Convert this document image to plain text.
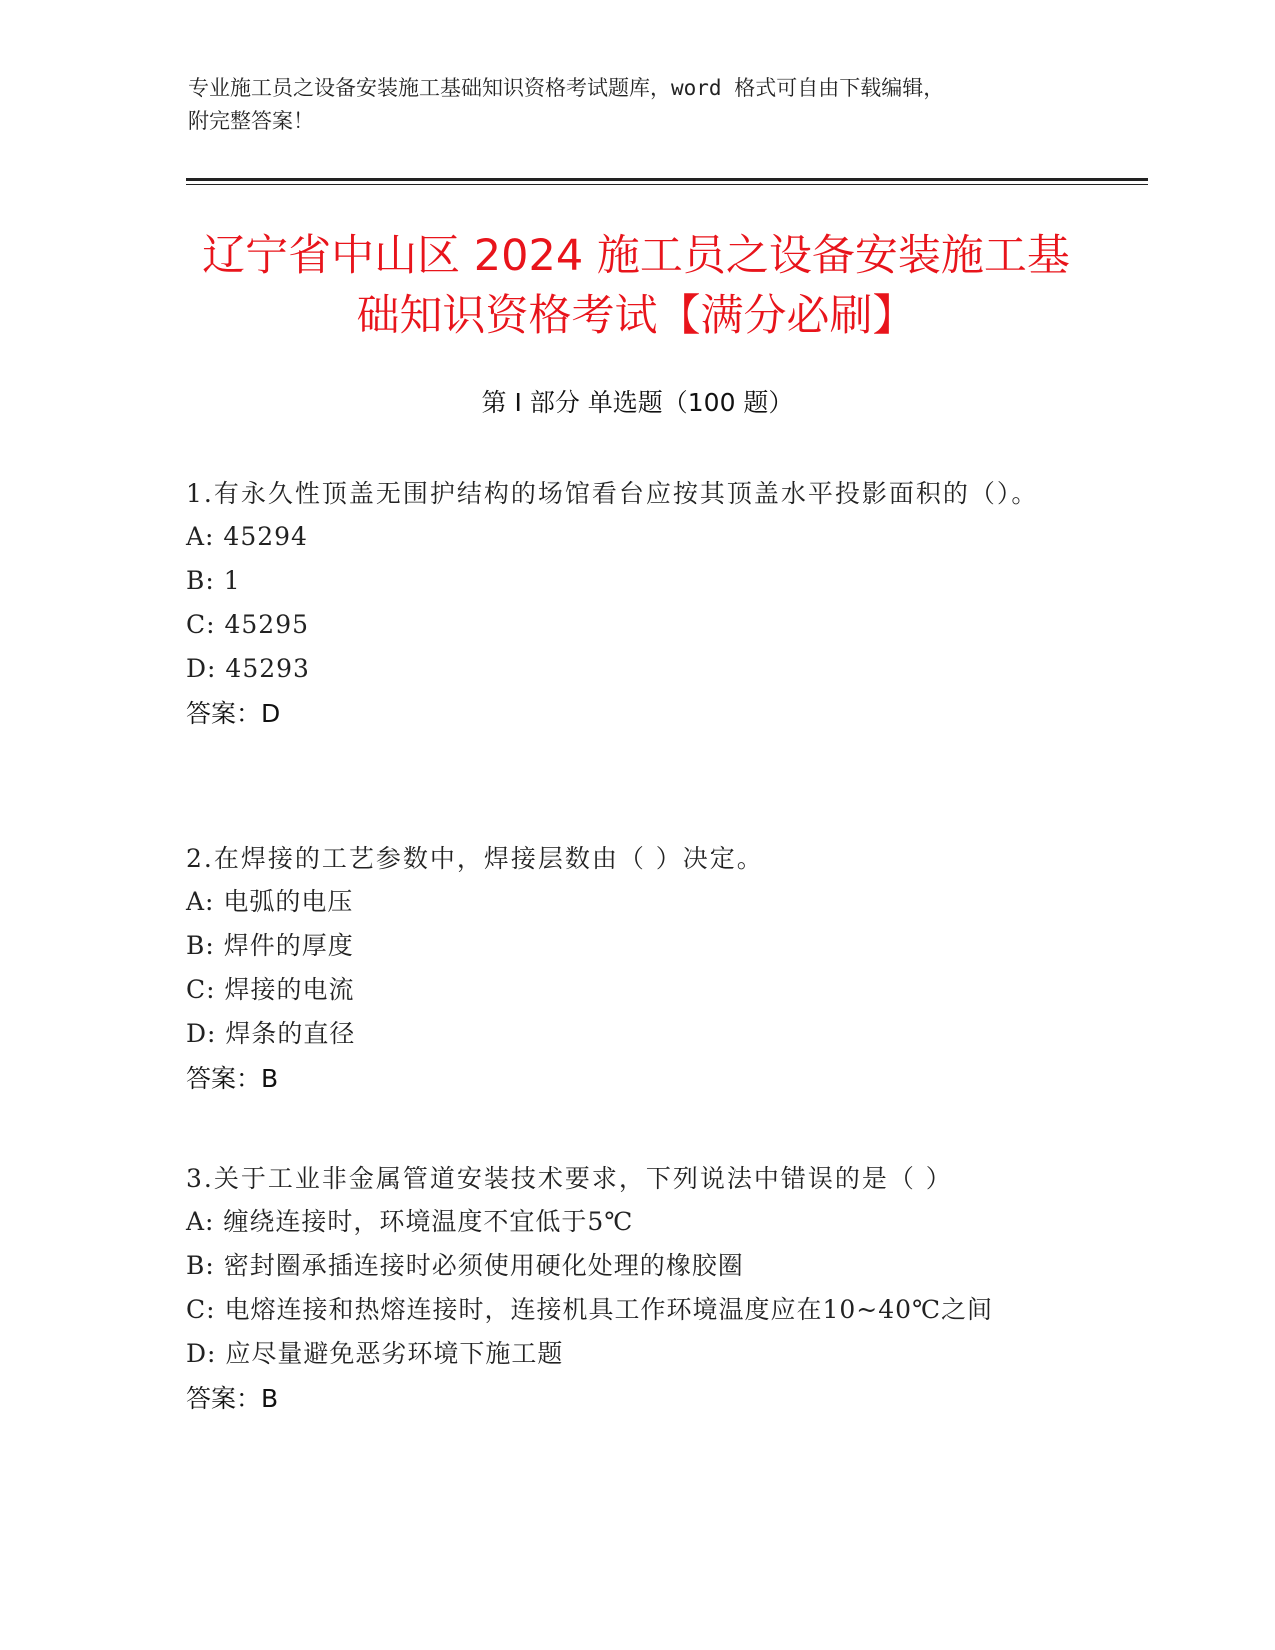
专业施工员之设备安装施工基础知识资格考试题库，word 格式可自由下载编辑，
附完整答案！
辽宁省中山区 2024 施工员之设备安装施工基
础知识资格考试【满分必刷】
第 I 部分 单选题（100 题）

1.有永久性顶盖无围护结构的场馆看台应按其顶盖水平投影面积的（）。

A: 45294

B: 1

C: 45295

D: 45293

答案：D

2.在焊接的工艺参数中，焊接层数由（ ）决定。

A: 电弧的电压

B: 焊件的厚度

C: 焊接的电流

D: 焊条的直径

答案：B

3.关于工业非金属管道安装技术要求，下列说法中错误的是（ ）

A: 缠绕连接时，环境温度不宜低于5℃

B: 密封圈承插连接时必须使用硬化处理的橡胶圈

C: 电熔连接和热熔连接时，连接机具工作环境温度应在10~40℃之间

D: 应尽量避免恶劣环境下施工题

答案：B
